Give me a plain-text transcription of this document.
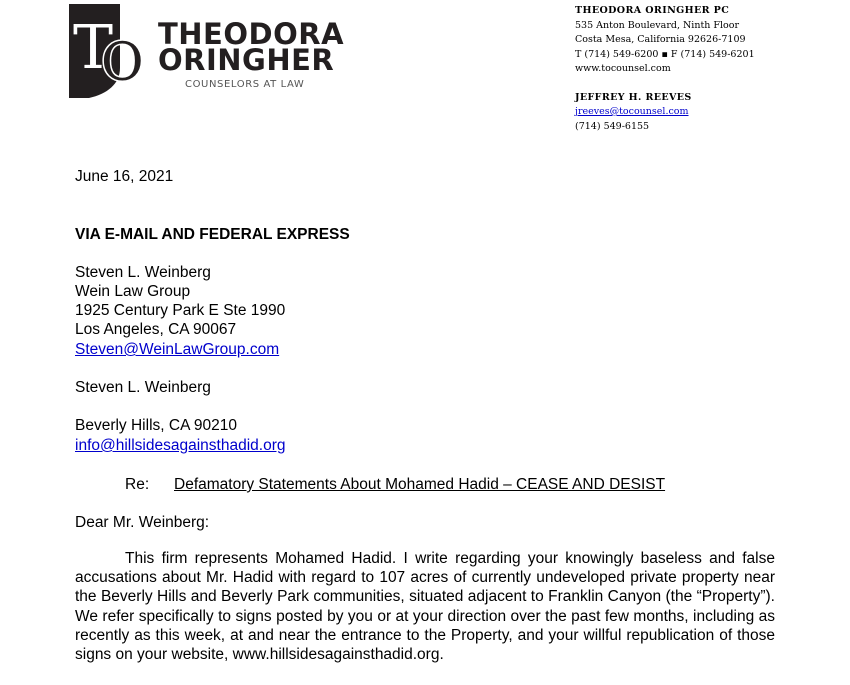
T
O THEODORA
ORINGHER
COUNSELORS AT LAW
THEODORA ORINGHER PC
535 Anton Boulevard, Ninth Floor
Costa Mesa, California 92626-7109
T (714) 549-6200 ▪ F (714) 549-6201
www.tocounsel.com
JEFFREY H. REEVES
jreeves@tocounsel.com
(714) 549-6155
June 16, 2021
VIA E-MAIL AND FEDERAL EXPRESS
Steven L. Weinberg
Wein Law Group
1925 Century Park E Ste 1990
Los Angeles, CA 90067
Steven@WeinLawGroup.com
Steven L. Weinberg
Beverly Hills, CA 90210
info@hillsidesagainsthadid.org
Re: Defamatory Statements About Mohamed Hadid – CEASE AND DESIST
Dear Mr. Weinberg:

This firm represents Mohamed Hadid. I write regarding your knowingly baseless and false accusations about Mr. Hadid with regard to 107 acres of currently undeveloped private property near the Beverly Hills and Beverly Park communities, situated adjacent to Franklin Canyon (the “Property”). We refer specifically to signs posted by you or at your direction over the past few months, including as recently as this week, at and near the entrance to the Property, and your willful republication of those signs on your website, www.hillsidesagainsthadid.org.
